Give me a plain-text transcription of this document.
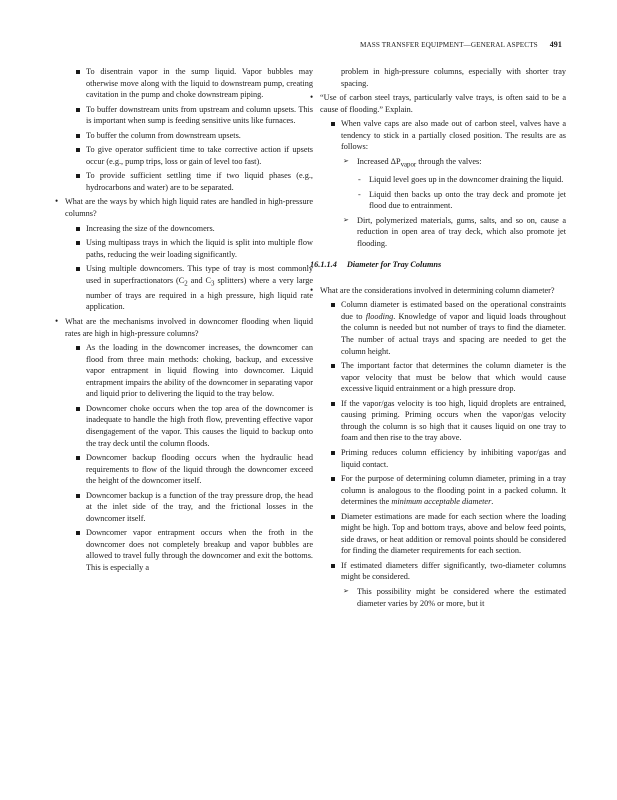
MASS TRANSFER EQUIPMENT—GENERAL ASPECTS 491
To disentrain vapor in the sump liquid. Vapor bubbles may otherwise move along with the liquid to downstream pump, creating cavitation in the pump and choke downstream piping.
To buffer downstream units from upstream and column upsets. This is important when sump is feeding sensitive units like furnaces.
To buffer the column from downstream upsets.
To give operator sufficient time to take corrective action if upsets occur (e.g., pump trips, loss or gain of level too fast).
To provide sufficient settling time if two liquid phases (e.g., hydrocarbons and water) are to be separated.
• What are the ways by which high liquid rates are handled in high-pressure columns?
Increasing the size of the downcomers.
Using multipass trays in which the liquid is split into multiple flow paths, reducing the weir loading significantly.
Using multiple downcomers. This type of tray is most commonly used in superfractionators ($C_2$ and $C_3$ splitters) where a very large number of trays are required in a high pressure, high liquid rate application.
• What are the mechanisms involved in downcomer flooding when liquid rates are high in high-pressure columns?
As the loading in the downcomer increases, the downcomer can flood from three main methods: choking, backup, and excessive vapor entrapment in liquid flowing into downcomer. Liquid entrapment impairs the ability of the downcomer in separating vapor and liquid prior to delivering the liquid to the tray below.
Downcomer choke occurs when the top area of the downcomer is inadequate to handle the high froth flow, preventing effective vapor disengagement of the vapor. This causes the liquid to backup onto the tray deck until the column floods.
Downcomer backup flooding occurs when the hydraulic head requirements to flow of the liquid through the downcomer exceed the height of the downcomer itself.
Downcomer backup is a function of the tray pressure drop, the head at the inlet side of the tray, and the frictional losses in the downcomer itself.
Downcomer vapor entrapment occurs when the froth in the downcomer does not completely breakup and vapor bubbles are allowed to travel fully through the downcomer and exit the bottoms. This is especially a
problem in high-pressure columns, especially with shorter tray spacing.
• “Use of carbon steel trays, particularly valve trays, is often said to be a cause of flooding.” Explain.
When valve caps are also made out of carbon steel, valves have a tendency to stick in a partially closed position. The results are as follows:
➢ Increased $\Delta P_{vapor}$ through the valves:
- Liquid level goes up in the downcomer draining the liquid.
- Liquid then backs up onto the tray deck and promote jet flood due to entrainment.
➢ Dirt, polymerized materials, gums, salts, and so on, cause a reduction in open area of tray deck, which also promote jet flooding.
16.1.1.4 Diameter for Tray Columns
• What are the considerations involved in determining column diameter?
Column diameter is estimated based on the operational constraints due to flooding. Knowledge of vapor and liquid loads throughout the column is needed but not number of trays to find the diameter. The number of actual trays and spacing are needed to get the column height.
The important factor that determines the column diameter is the vapor velocity that must be below that which would cause excessive liquid entrainment or a high pressure drop.
If the vapor/gas velocity is too high, liquid droplets are entrained, causing priming. Priming occurs when the vapor/gas velocity through the column is so high that it causes liquid on one tray to foam and then rise to the tray above.
Priming reduces column efficiency by inhibiting vapor/gas and liquid contact.
For the purpose of determining column diameter, priming in a tray column is analogous to the flooding point in a packed column. It determines the minimum acceptable diameter.
Diameter estimations are made for each section where the loading might be high. Top and bottom trays, above and below feed points, side draws, or heat addition or removal points should be considered for finding the diameter requirements for each section.
If estimated diameters differ significantly, two-diameter columns might be considered.
➢ This possibility might be considered where the estimated diameter varies by 20% or more, but it
